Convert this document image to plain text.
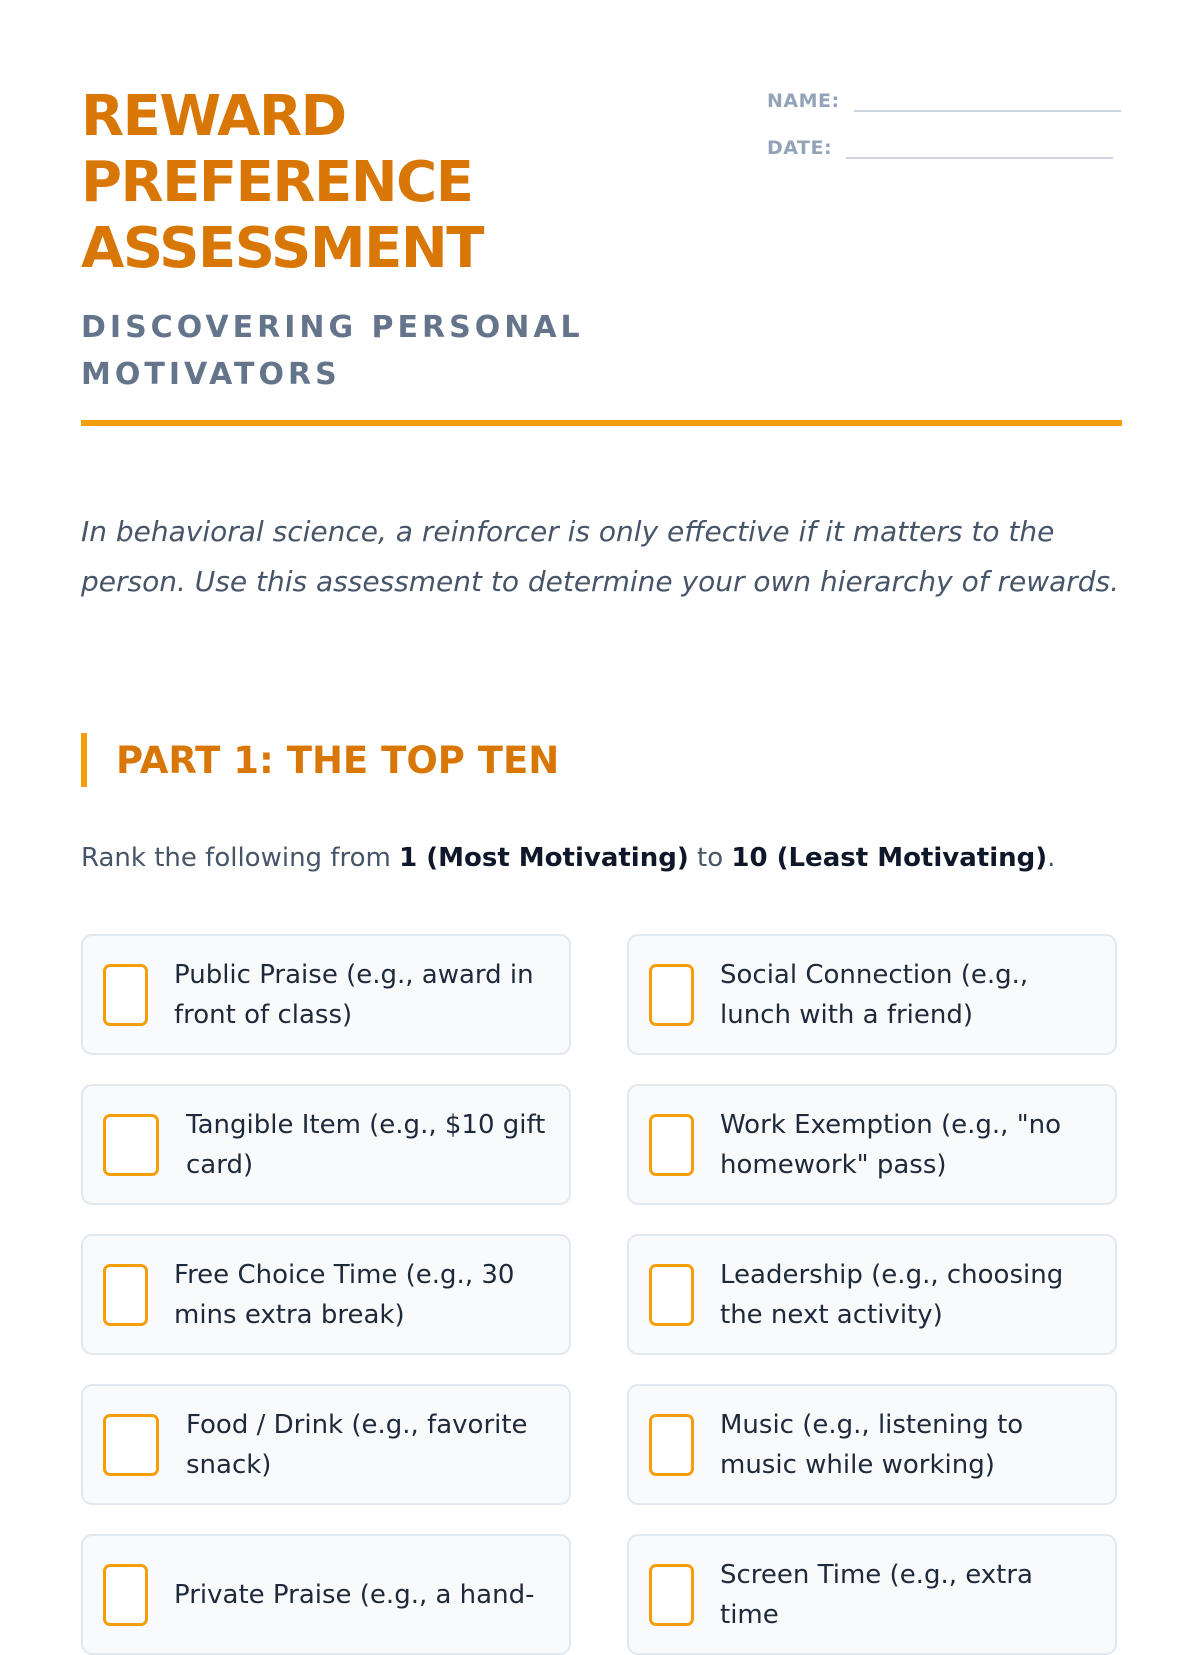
REWARD
PREFERENCE
ASSESSMENT
DISCOVERING PERSONAL MOTIVATORS
NAME:
DATE:

In behavioral science, a reinforcer is only effective if it matters to the person. Use this assessment to determine your own hierarchy of rewards.

PART 1: THE TOP TEN

Rank the following from 1 (Most Motivating) to 10 (Least Motivating).

Public Praise (e.g., award in front of class)
Social Connection (e.g., lunch with a friend)
Tangible Item (e.g., $10 gift card)
Work Exemption (e.g., "no homework" pass)
Free Choice Time (e.g., 30 mins extra break)
Leadership (e.g., choosing the next activity)
Food / Drink (e.g., favorite snack)
Music (e.g., listening to music while working)
Private Praise (e.g., a hand-
Screen Time (e.g., extra time
